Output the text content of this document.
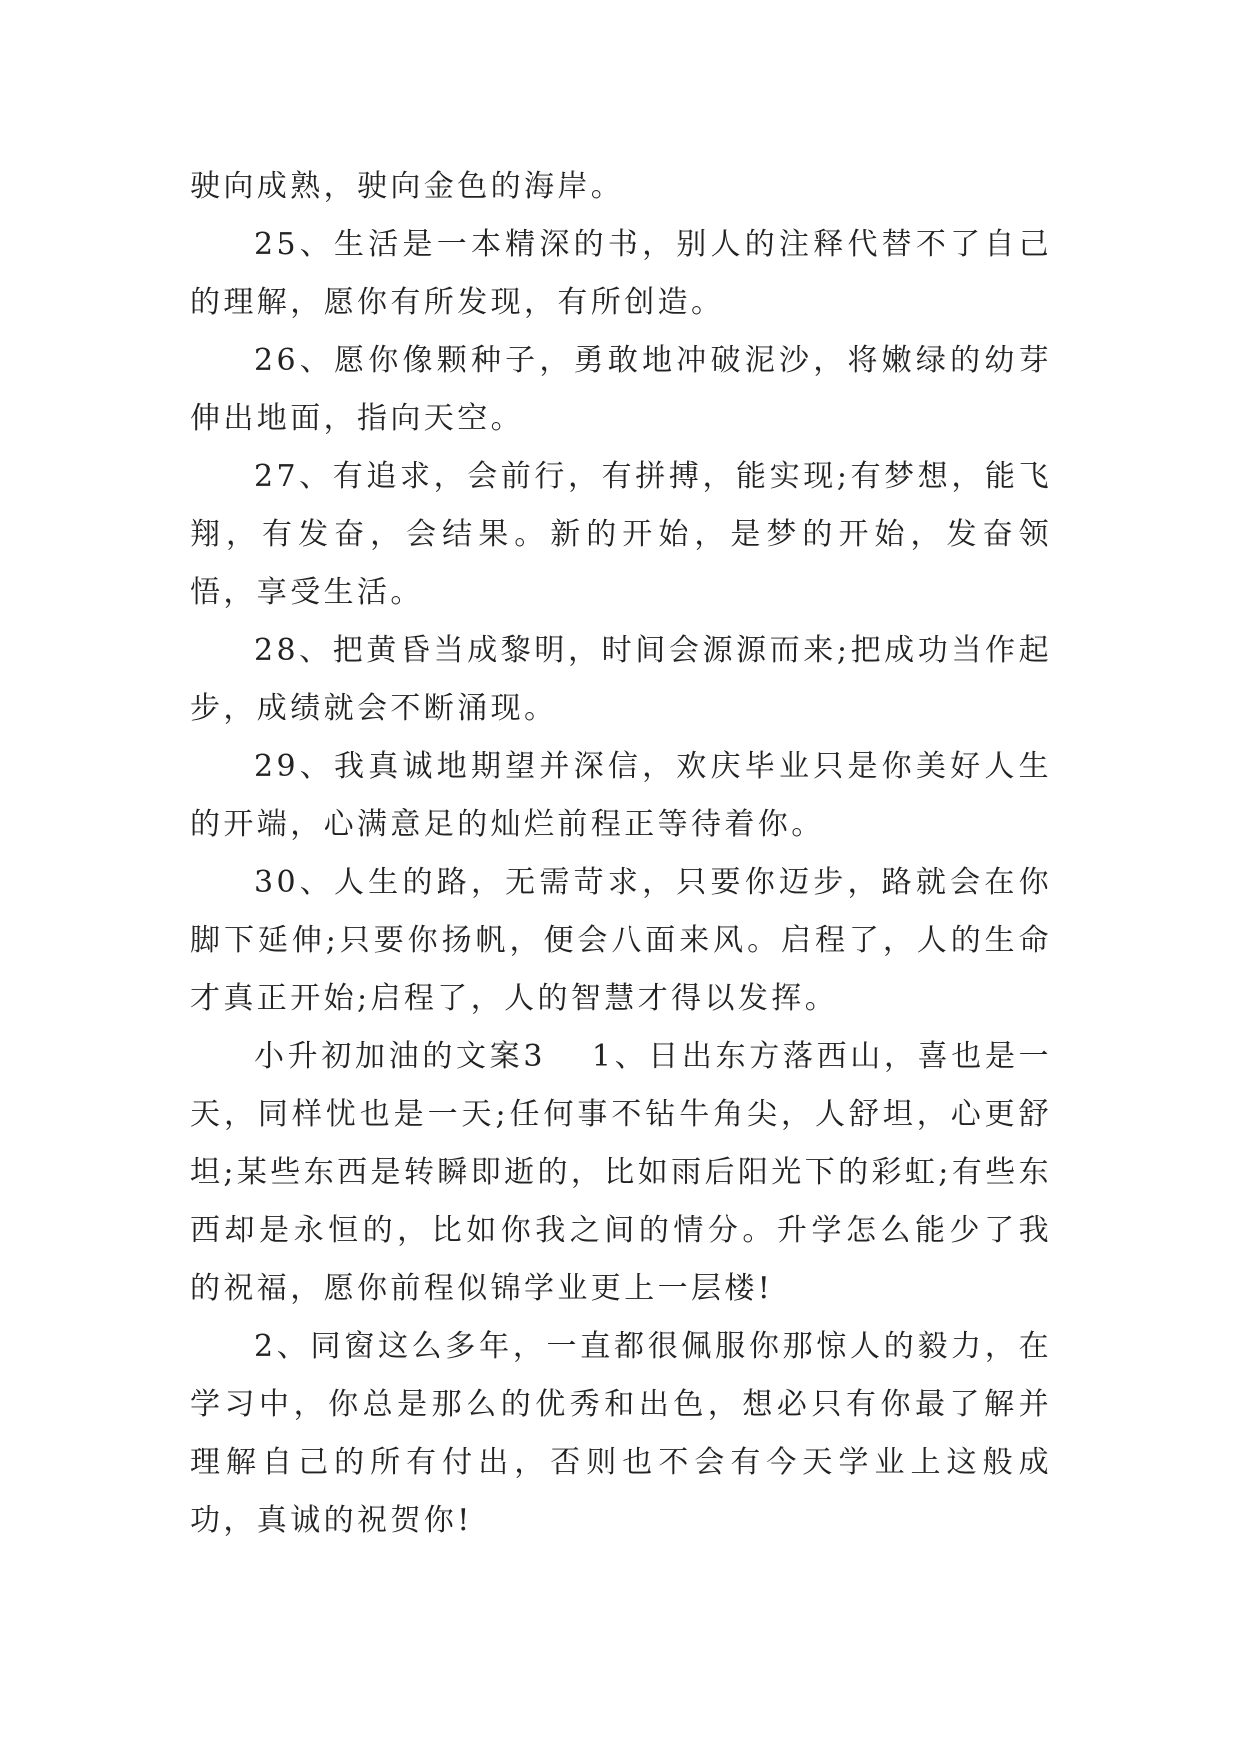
驶向成熟，驶向金色的海岸。

25、生活是一本精深的书，别人的注释代替不了自己的理解，愿你有所发现，有所创造。

26、愿你像颗种子，勇敢地冲破泥沙，将嫩绿的幼芽伸出地面，指向天空。

27、有追求，会前行，有拼搏，能实现;有梦想，能飞翔，有发奋，会结果。新的开始，是梦的开始，发奋领悟，享受生活。

28、把黄昏当成黎明，时间会源源而来;把成功当作起步，成绩就会不断涌现。

29、我真诚地期望并深信，欢庆毕业只是你美好人生的开端，心满意足的灿烂前程正等待着你。

30、人生的路，无需苛求，只要你迈步，路就会在你脚下延伸;只要你扬帆，便会八面来风。启程了，人的生命才真正开始;启程了，人的智慧才得以发挥。

小升初加油的文案3 1、日出东方落西山，喜也是一天，同样忧也是一天;任何事不钻牛角尖，人舒坦，心更舒坦;某些东西是转瞬即逝的，比如雨后阳光下的彩虹;有些东西却是永恒的，比如你我之间的情分。升学怎么能少了我的祝福，愿你前程似锦学业更上一层楼!

2、同窗这么多年，一直都很佩服你那惊人的毅力，在学习中，你总是那么的优秀和出色，想必只有你最了解并理解自己的所有付出，否则也不会有今天学业上这般成功，真诚的祝贺你!
